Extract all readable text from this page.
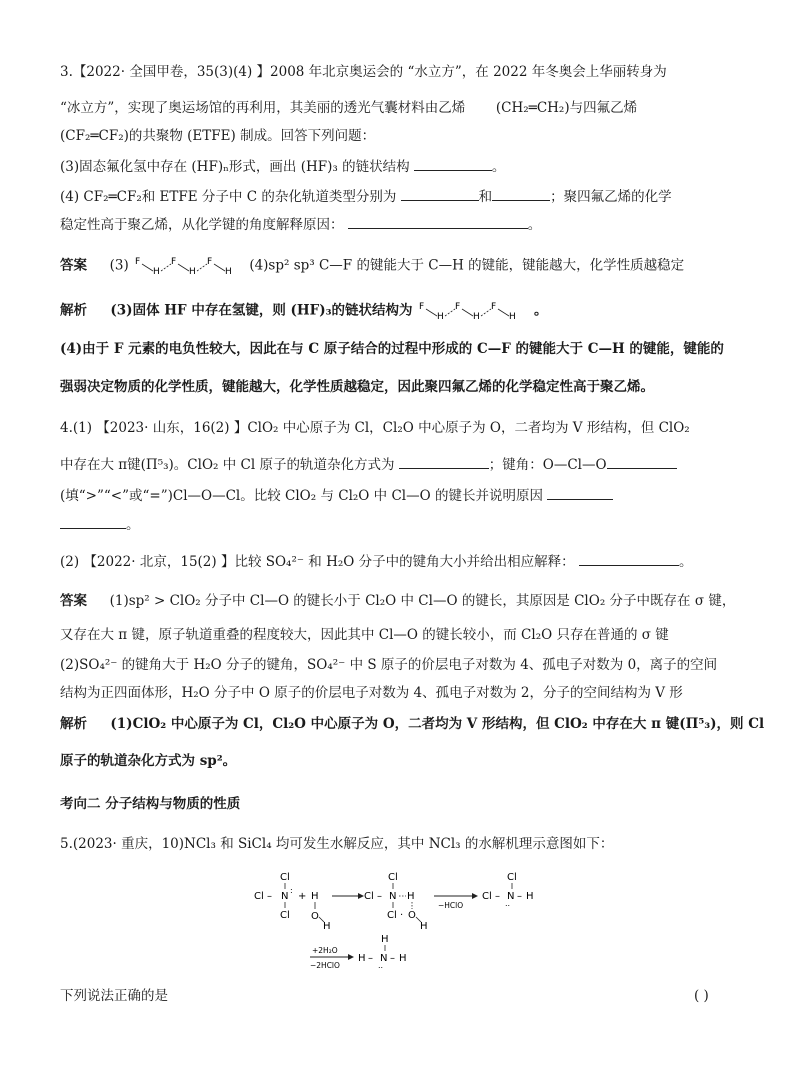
3.【2022· 全国甲卷，35(3)(4) 】2008 年北京奥运会的 “水立方”，在 2022 年冬奥会上华丽转身为
“冰立方”，实现了奥运场馆的再利用，其美丽的透光气囊材料由乙烯 (CH₂═CH₂)与四氟乙烯
(CF₂═CF₂)的共聚物 (ETFE) 制成。回答下列问题：
(3)固态氟化氢中存在 (HF)ₙ形式，画出 (HF)₃ 的链状结构	。
(4) CF₂═CF₂和 ETFE 分子中 C 的杂化轨道类型分别为	和	；聚四氟乙烯的化学
稳定性高于聚乙烯，从化学键的角度解释原因：	。
答案 (3) F
H
F
H
F
H (4)sp² sp³ C—F 的键能大于 C—H 的键能，键能越大，化学性质越稳定
解析 (3)固体 HF 中存在氢键，则 (HF)₃的链状结构为 F
H
F
H
F
H 。
(4)由于 F 元素的电负性较大，因此在与 C 原子结合的过程中形成的 C—F 的键能大于 C—H 的键能，键能的
强弱决定物质的化学性质，键能越大，化学性质越稳定，因此聚四氟乙烯的化学稳定性高于聚乙烯。
4.(1) 【2023· 山东，16(2) 】ClO₂ 中心原子为 Cl，Cl₂O 中心原子为 O，二者均为 V 形结构，但 ClO₂
中存在大 π键(Π⁵₃)。ClO₂ 中 Cl 原子的轨道杂化方式为	；键角：O—Cl—O
(填“>”“<”或“=”)Cl—O—Cl。比较 ClO₂ 与 Cl₂O 中 Cl—O 的键长并说明原因
。
(2) 【2022· 北京，15(2) 】比较 SO₄²⁻ 和 H₂O 分子中的键角大小并给出相应解释：	。
答案 (1)sp² > ClO₂ 分子中 Cl—O 的键长小于 Cl₂O 中 Cl—O 的键长，其原因是 ClO₂ 分子中既存在 σ 键，
又存在大 π 键，原子轨道重叠的程度较大，因此其中 Cl—O 的键长较小，而 Cl₂O 只存在普通的 σ 键
(2)SO₄²⁻ 的键角大于 H₂O 分子的键角，SO₄²⁻ 中 S 原子的价层电子对数为 4、孤电子对数为 0，离子的空间
结构为正四面体形，H₂O 分子中 O 原子的价层电子对数为 4、孤电子对数为 2，分子的空间结构为 V 形
解析 (1)ClO₂ 中心原子为 Cl，Cl₂O 中心原子为 O，二者均为 V 形结构，但 ClO₂ 中存在大 π 键(Π⁵₃)，则 Cl
原子的轨道杂化方式为 sp²。
考向二 分子结构与物质的性质
5.(2023· 重庆，10)NCl₃ 和 SiCl₄ 均可发生水解反应，其中 NCl₃ 的水解机理示意图如下：
Cl
Cl – N
:
Cl
+ H
O
H
Cl
Cl – N H
Cl · O
H
−HClO
Cl
Cl – N
..
– H
+2H₂O
−2HClO
H
H – N
..
– H
下列说法正确的是	( )
